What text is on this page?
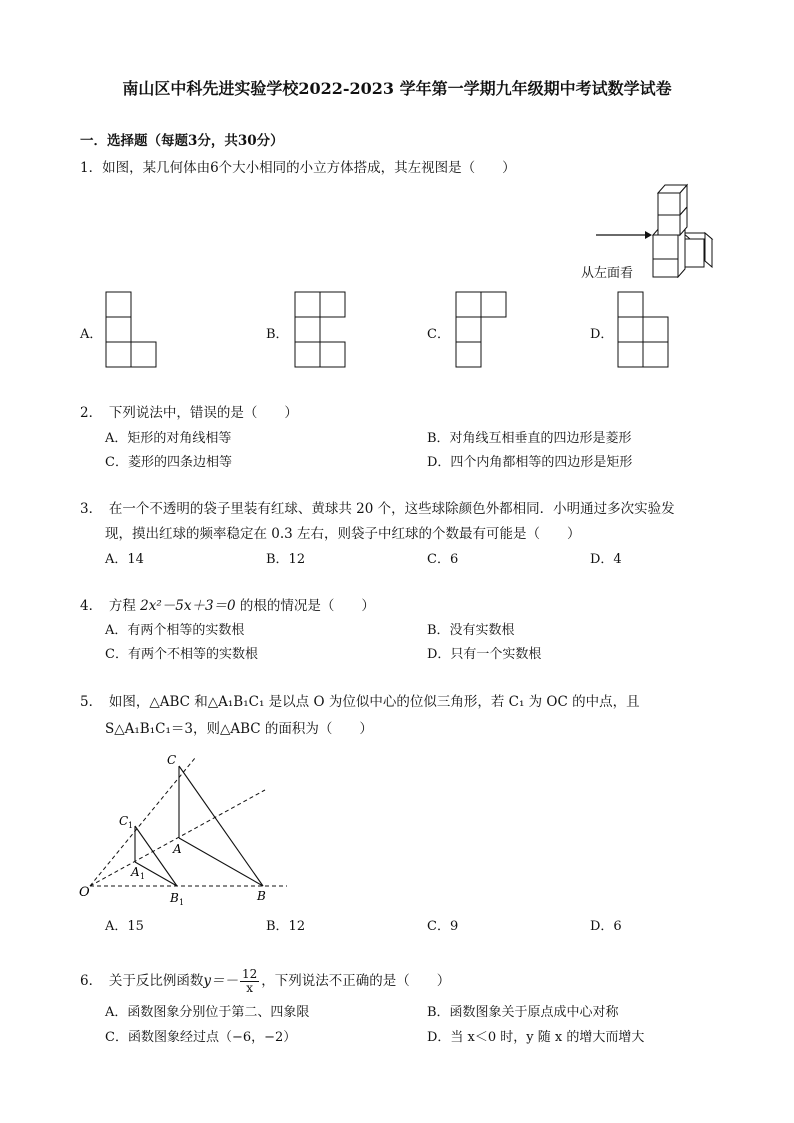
南山区中科先进实验学校2022-2023 学年第一学期九年级期中考试数学试卷
一．选择题（每题3分，共30分）
1．如图，某几何体由6个大小相同的小立方体搭成，其左视图是（　　）
从左面看
A．	B．	C．	D．
2．　下列说法中，错误的是（　　）
A．矩形的对角线相等	B．对角线互相垂直的四边形是菱形
C．菱形的四条边相等	D．四个内角都相等的四边形是矩形
3．　在一个不透明的袋子里装有红球、黄球共 20 个，这些球除颜色外都相同．小明通过多次实验发
现，摸出红球的频率稳定在 0.3 左右，则袋子中红球的个数最有可能是（　　）
A．14	B．12	C．6	D．4
4．　方程 2x²－5x＋3＝0 的根的情况是（　　）
A．有两个相等的实数根	B．没有实数根
C．有两个不相等的实数根	D．只有一个实数根
5．　如图，△ABC 和△A₁B₁C₁ 是以点 O 为位似中心的位似三角形，若 C₁ 为 OC 的中点，且
S△A₁B₁C₁＝3，则△ABC 的面积为（　　）
C
C 1
A
A 1
O	B 1	B
A．15	B．12	C．9	D．6
6．　关于反比例函数$y=- \frac{12}{x}$ ，下列说法不正确的是（　　）
A．函数图象分别位于第二、四象限	B．函数图象关于原点成中心对称
C．函数图象经过点（−6，−2）	D．当 x＜0 时，y 随 x 的增大而增大
